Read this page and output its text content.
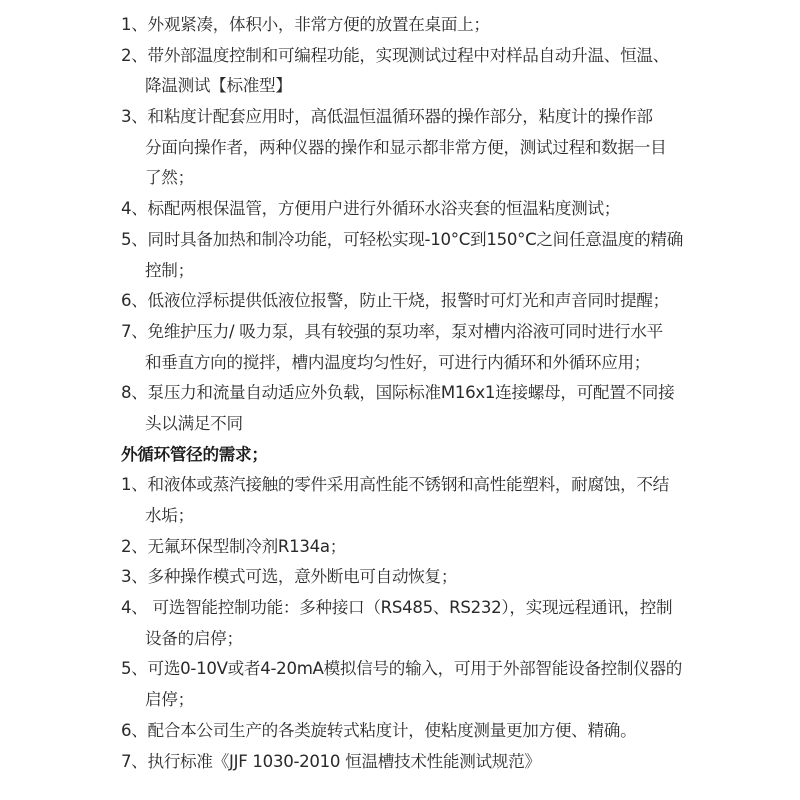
1、外观紧凑，体积小，非常方便的放置在桌面上；
2、带外部温度控制和可编程功能，实现测试过程中对样品自动升温、恒温、
降温测试【标准型】
3、和粘度计配套应用时，高低温恒温循环器的操作部分，粘度计的操作部
分面向操作者，两种仪器的操作和显示都非常方便，测试过程和数据一目
了然；
4、标配两根保温管，方便用户进行外循环水浴夹套的恒温粘度测试；
5、同时具备加热和制冷功能，可轻松实现-10°C到150°C之间任意温度的精确
控制；
6、低液位浮标提供低液位报警，防止干烧，报警时可灯光和声音同时提醒；
7、免维护压力/ 吸力泵，具有较强的泵功率，泵对槽内浴液可同时进行水平
和垂直方向的搅拌，槽内温度均匀性好，可进行内循环和外循环应用；
8、泵压力和流量自动适应外负载，国际标准M16x1连接螺母，可配置不同接
头以满足不同
外循环管径的需求；
1、和液体或蒸汽接触的零件采用高性能不锈钢和高性能塑料，耐腐蚀，不结
水垢；
2、无氟环保型制冷剂R134a；
3、多种操作模式可选，意外断电可自动恢复；
4、 可选智能控制功能：多种接口（RS485、RS232），实现远程通讯，控制
设备的启停；
5、可选0-10V或者4-20mA模拟信号的输入，可用于外部智能设备控制仪器的
启停；
6、配合本公司生产的各类旋转式粘度计，使粘度测量更加方便、精确。
7、执行标准《JJF 1030-2010 恒温槽技术性能测试规范》
